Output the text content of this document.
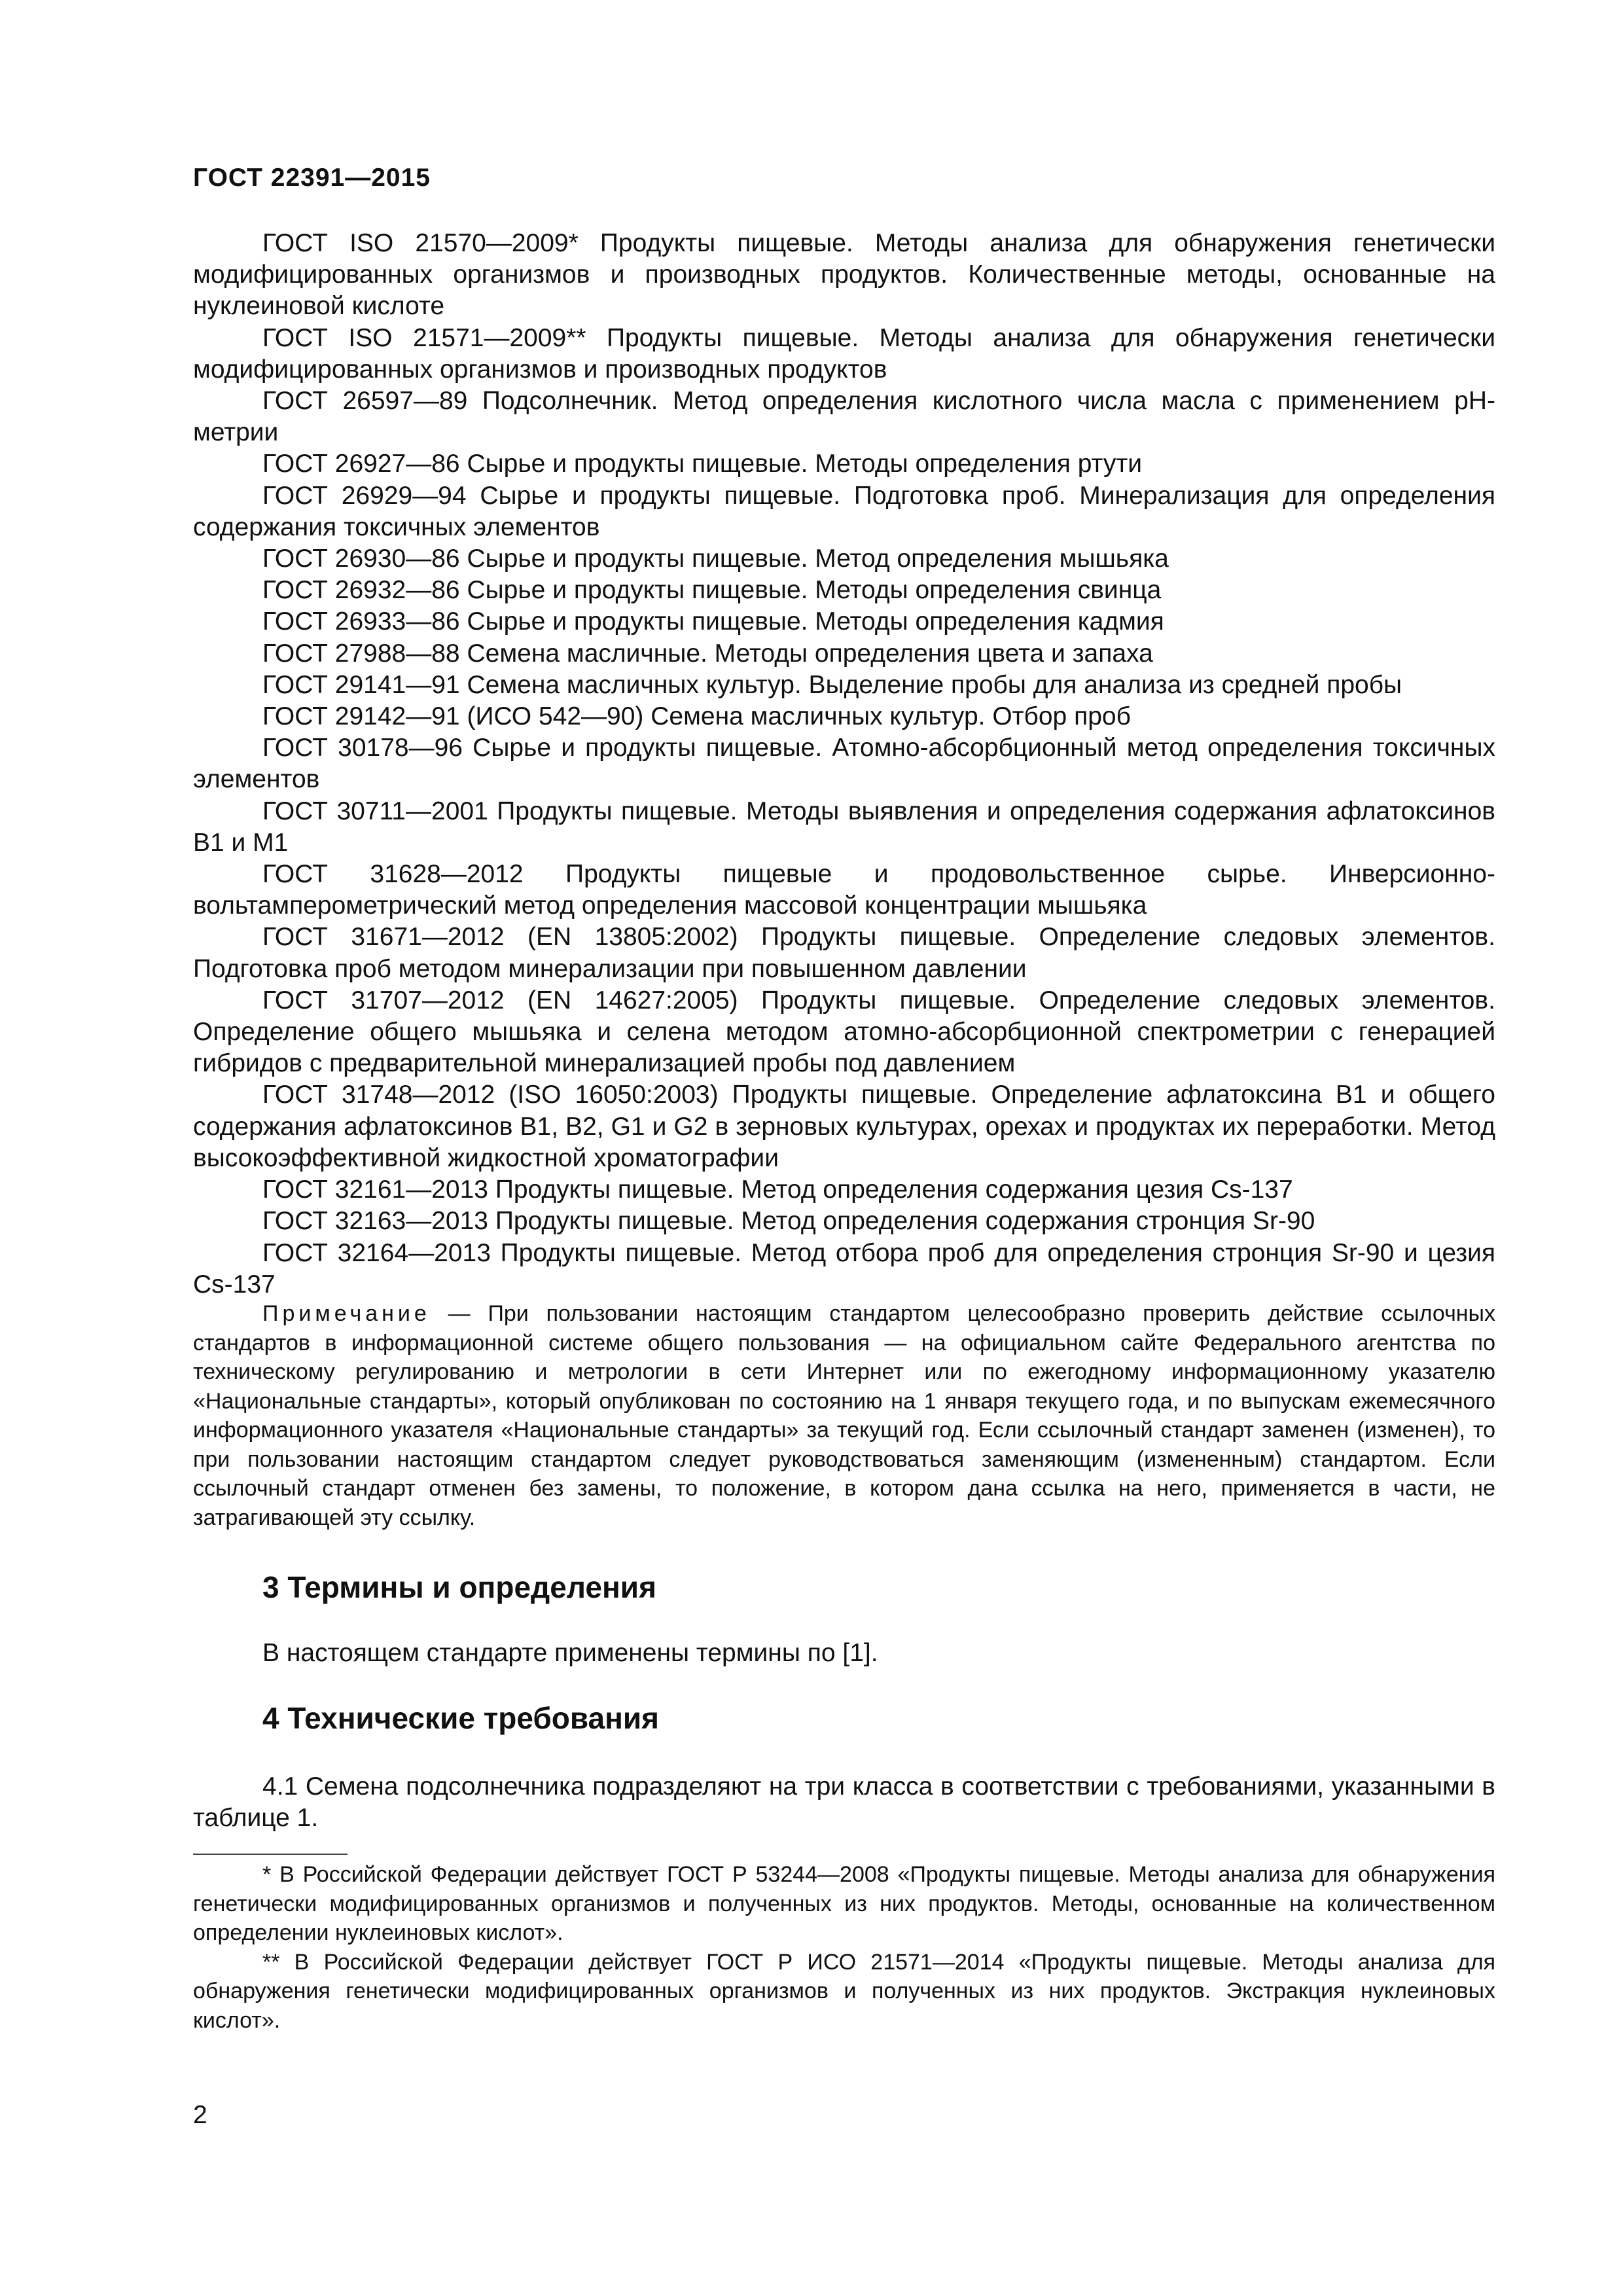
ГОСТ 22391—2015

ГОСТ ISO 21570—2009* Продукты пищевые. Методы анализа для обнаружения генетически модифицированных организмов и производных продуктов. Количественные методы, основанные на нуклеиновой кислоте

ГОСТ ISO 21571—2009** Продукты пищевые. Методы анализа для обнаружения генетически модифицированных организмов и производных продуктов

ГОСТ 26597—89 Подсолнечник. Метод определения кислотного числа масла с применением рН-метрии

ГОСТ 26927—86 Сырье и продукты пищевые. Методы определения ртути

ГОСТ 26929—94 Сырье и продукты пищевые. Подготовка проб. Минерализация для определения содержания токсичных элементов

ГОСТ 26930—86 Сырье и продукты пищевые. Метод определения мышьяка

ГОСТ 26932—86 Сырье и продукты пищевые. Методы определения свинца

ГОСТ 26933—86 Сырье и продукты пищевые. Методы определения кадмия

ГОСТ 27988—88 Семена масличные. Методы определения цвета и запаха

ГОСТ 29141—91 Семена масличных культур. Выделение пробы для анализа из средней пробы

ГОСТ 29142—91 (ИСО 542—90) Семена масличных культур. Отбор проб

ГОСТ 30178—96 Сырье и продукты пищевые. Атомно-абсорбционный метод определения токсичных элементов

ГОСТ 30711—2001 Продукты пищевые. Методы выявления и определения содержания афлатоксинов В1 и М1

ГОСТ 31628—2012 Продукты пищевые и продовольственное сырье. Инверсионно-вольтамперометрический метод определения массовой концентрации мышьяка

ГОСТ 31671—2012 (EN 13805:2002) Продукты пищевые. Определение следовых элементов. Подготовка проб методом минерализации при повышенном давлении

ГОСТ 31707—2012 (EN 14627:2005) Продукты пищевые. Определение следовых элементов. Определение общего мышьяка и селена методом атомно-абсорбционной спектрометрии с генерацией гибридов с предварительной минерализацией пробы под давлением

ГОСТ 31748—2012 (ISO 16050:2003) Продукты пищевые. Определение афлатоксина В1 и общего содержания афлатоксинов В1, В2, G1 и G2 в зерновых культурах, орехах и продуктах их переработки. Метод высокоэффективной жидкостной хроматографии

ГОСТ 32161—2013 Продукты пищевые. Метод определения содержания цезия Cs-137

ГОСТ 32163—2013 Продукты пищевые. Метод определения содержания стронция Sr-90

ГОСТ 32164—2013 Продукты пищевые. Метод отбора проб для определения стронция Sr-90 и цезия Cs-137

Примечание — При пользовании настоящим стандартом целесообразно проверить действие ссылочных стандартов в информационной системе общего пользования — на официальном сайте Федерального агентства по техническому регулированию и метрологии в сети Интернет или по ежегодному информационному указателю «Национальные стандарты», который опубликован по состоянию на 1 января текущего года, и по выпускам ежемесячного информационного указателя «Национальные стандарты» за текущий год. Если ссылочный стандарт заменен (изменен), то при пользовании настоящим стандартом следует руководствоваться заменяющим (измененным) стандартом. Если ссылочный стандарт отменен без замены, то положение, в котором дана ссылка на него, применяется в части, не затрагивающей эту ссылку.

3 Термины и определения

В настоящем стандарте применены термины по [1].

4 Технические требования

4.1 Семена подсолнечника подразделяют на три класса в соответствии с требованиями, указанными в таблице 1.

* В Российской Федерации действует ГОСТ Р 53244—2008 «Продукты пищевые. Методы анализа для обнаружения генетически модифицированных организмов и полученных из них продуктов. Методы, основанные на количественном определении нуклеиновых кислот».

** В Российской Федерации действует ГОСТ Р ИСО 21571—2014 «Продукты пищевые. Методы анализа для обнаружения генетически модифицированных организмов и полученных из них продуктов. Экстракция нуклеиновых кислот».

2
